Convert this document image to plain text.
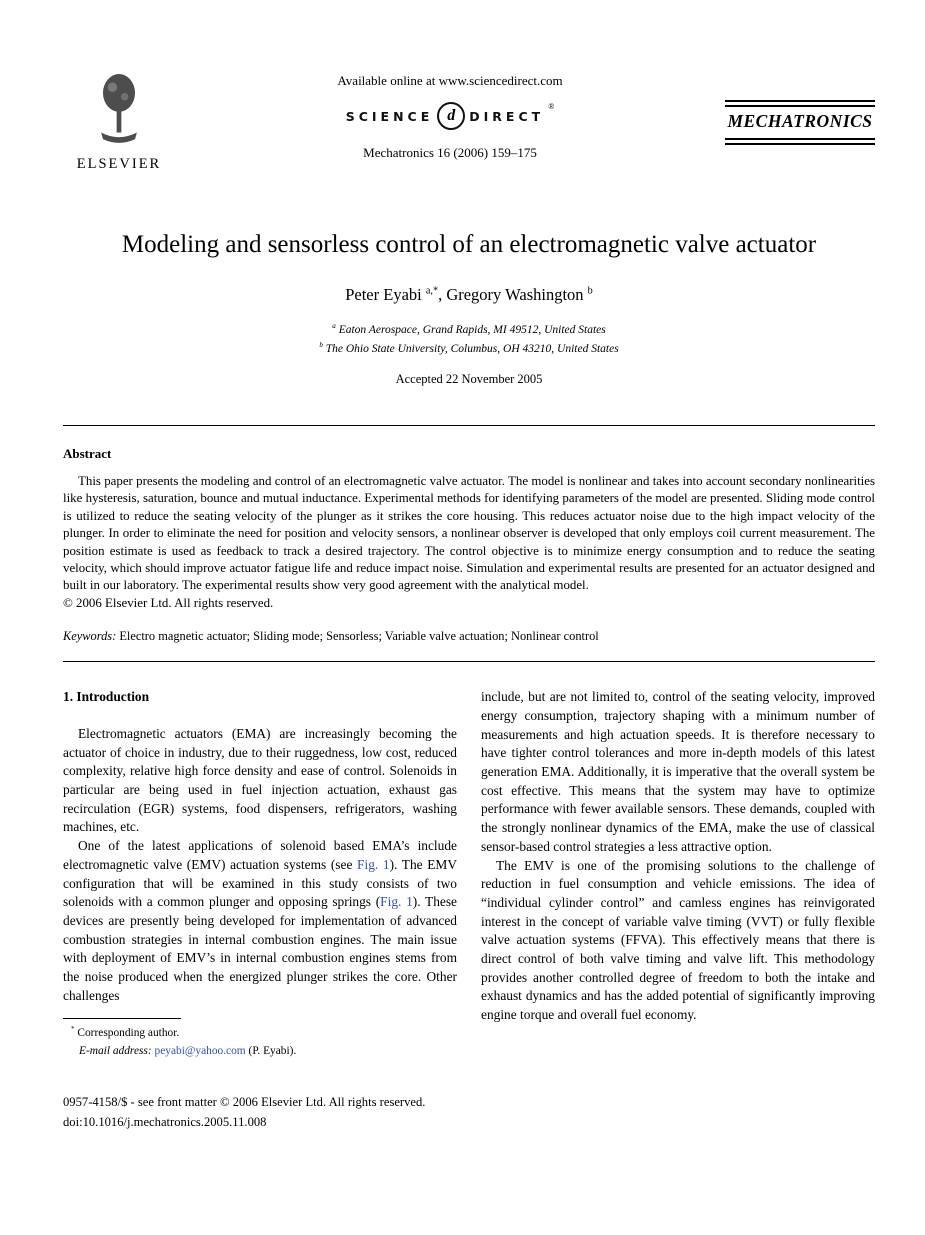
ELSEVIER
Available online at www.sciencedirect.com
SCIENCE d	DIRECT
®
Mechatronics 16 (2006) 159–175
MECHATRONICS
Modeling and sensorless control of an electromagnetic valve actuator
Peter Eyabi $^{a,*}$, Gregory Washington $^b$
$^a$ Eaton Aerospace, Grand Rapids, MI 49512, United States
$^b$ The Ohio State University, Columbus, OH 43210, United States
Accepted 22 November 2005
Abstract

This paper presents the modeling and control of an electromagnetic valve actuator. The model is nonlinear and takes into account secondary nonlinearities like hysteresis, saturation, bounce and mutual inductance. Experimental methods for identifying parameters of the model are presented. Sliding mode control is utilized to reduce the seating velocity of the plunger as it strikes the core housing. This reduces actuator noise due to the high impact velocity of the plunger. In order to eliminate the need for position and velocity sensors, a nonlinear observer is developed that only employs coil current measurement. The position estimate is used as feedback to track a desired trajectory. The control objective is to minimize energy consumption and to reduce the seating velocity, which should improve actuator fatigue life and reduce impact noise. Simulation and experimental results are presented for an actuator designed and built in our laboratory. The experimental results show very good agreement with the analytical model.

© 2006 Elsevier Ltd. All rights reserved.

Keywords: Electro magnetic actuator; Sliding mode; Sensorless; Variable valve actuation; Nonlinear control
1. Introduction

Electromagnetic actuators (EMA) are increasingly becoming the actuator of choice in industry, due to their ruggedness, low cost, reduced complexity, relative high force density and ease of control. Solenoids in particular are being used in fuel injection actuation, exhaust gas recirculation (EGR) systems, food dispensers, refrigerators, washing machines, etc.

One of the latest applications of solenoid based EMA’s include electromagnetic valve (EMV) actuation systems (see Fig. 1). The EMV configuration that will be examined in this study consists of two solenoids with a common plunger and opposing springs (Fig. 1). These devices are presently being developed for implementation of advanced combustion strategies in internal combustion engines. The main issue with deployment of EMV’s in internal combustion engines stems from the noise produced when the energized plunger strikes the core. Other challenges

* Corresponding author.
E-mail address: peyabi@yahoo.com (P. Eyabi).

include, but are not limited to, control of the seating velocity, improved energy consumption, trajectory shaping with a minimum number of measurements and high actuation speeds. It is therefore necessary to have tighter control tolerances and more in-depth models of this latest generation EMA. Additionally, it is imperative that the overall system be cost effective. This means that the system may have to optimize performance with fewer available sensors. These demands, coupled with the strongly nonlinear dynamics of the EMA, make the use of classical sensor-based control strategies a less attractive option.

The EMV is one of the promising solutions to the challenge of reduction in fuel consumption and vehicle emissions. The idea of “individual cylinder control” and camless engines has reinvigorated interest in the concept of variable valve timing (VVT) or fully flexible valve actuation systems (FFVA). This effectively means that there is direct control of both valve timing and valve lift. This methodology provides another controlled degree of freedom to both the intake and exhaust dynamics and has the added potential of significantly improving engine torque and overall fuel economy.

0957-4158/$ - see front matter © 2006 Elsevier Ltd. All rights reserved.
doi:10.1016/j.mechatronics.2005.11.008
